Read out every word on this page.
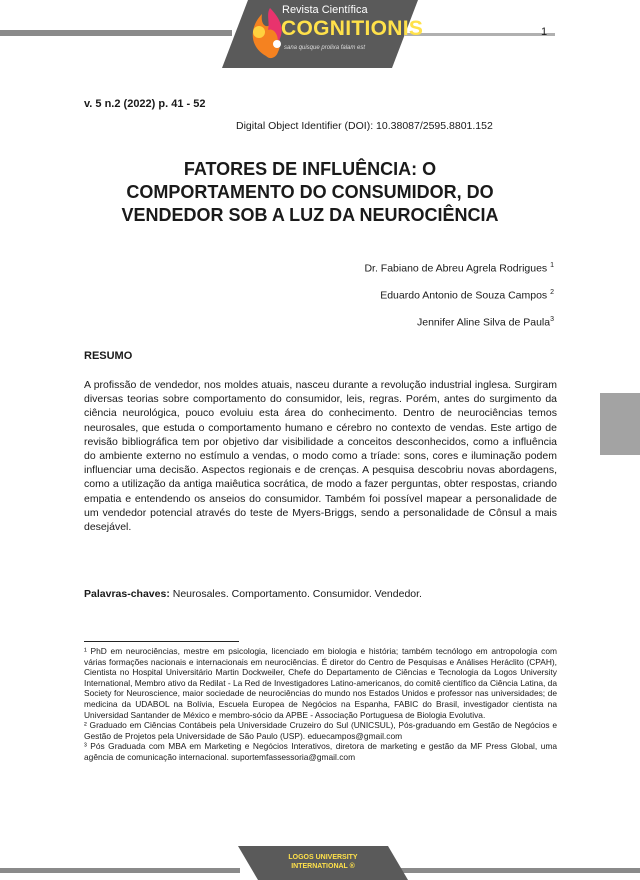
Revista Científica
COGNITIONIS
sana quisque prolixa falam est
1
v. 5 n.2 (2022) p. 41 - 52
Digital Object Identifier (DOI): 10.38087/2595.8801.152
FATORES DE INFLUÊNCIA: O
COMPORTAMENTO DO CONSUMIDOR, DO
VENDEDOR SOB A LUZ DA NEUROCIÊNCIA
Dr. Fabiano de Abreu Agrela Rodrigues $^1$
Eduardo Antonio de Souza Campos $^2$
Jennifer Aline Silva de Paula$^3$
RESUMO
A profissão de vendedor, nos moldes atuais, nasceu durante a revolução industrial inglesa. Surgiram diversas teorias sobre comportamento do consumidor, leis, regras. Porém, antes do surgimento da ciência neurológica, pouco evoluiu esta área do conhecimento. Dentro de neurociências temos neurosales, que estuda o comportamento humano e cérebro no contexto de vendas. Este artigo de revisão bibliográfica tem por objetivo dar visibilidade a conceitos desconhecidos, como a influência do ambiente externo no estímulo a vendas, o modo como a tríade: sons, cores e iluminação podem influenciar uma decisão. Aspectos regionais e de crenças. A pesquisa descobriu novas abordagens, como a utilização da antiga maiêutica socrática, de modo a fazer perguntas, obter respostas, criando empatia e entendendo os anseios do consumidor. Também foi possível mapear a personalidade de um vendedor potencial através do teste de Myers-Briggs, sendo a personalidade de Cônsul a mais desejável.
Palavras-chaves: Neurosales. Comportamento. Consumidor. Vendedor.

¹ PhD em neurociências, mestre em psicologia, licenciado em biologia e história; também tecnólogo em antropologia com várias formações nacionais e internacionais em neurociências. É diretor do Centro de Pesquisas e Análises Heráclito (CPAH), Cientista no Hospital Universitário Martin Dockweiler, Chefe do Departamento de Ciências e Tecnologia da Logos University International, Membro ativo da Redilat - La Red de Investigadores Latino-americanos, do comitê científico da Ciência Latina, da Society for Neuroscience, maior sociedade de neurociências do mundo nos Estados Unidos e professor nas universidades; de medicina da UDABOL na Bolívia, Escuela Europea de Negócios na Espanha, FABIC do Brasil, investigador cientista na Universidad Santander de México e membro-sócio da APBE - Associação Portuguesa de Biologia Evolutiva.

² Graduado em Ciências Contábeis pela Universidade Cruzeiro do Sul (UNICSUL), Pós-graduando em Gestão de Negócios e Gestão de Projetos pela Universidade de São Paulo (USP). eduecampos@gmail.com

³ Pós Graduada com MBA em Marketing e Negócios Interativos, diretora de marketing e gestão da MF Press Global, uma agência de comunicação internacional. suportemfassessoria@gmail.com

LOGOS UNIVERSITY
INTERNATIONAL ®
